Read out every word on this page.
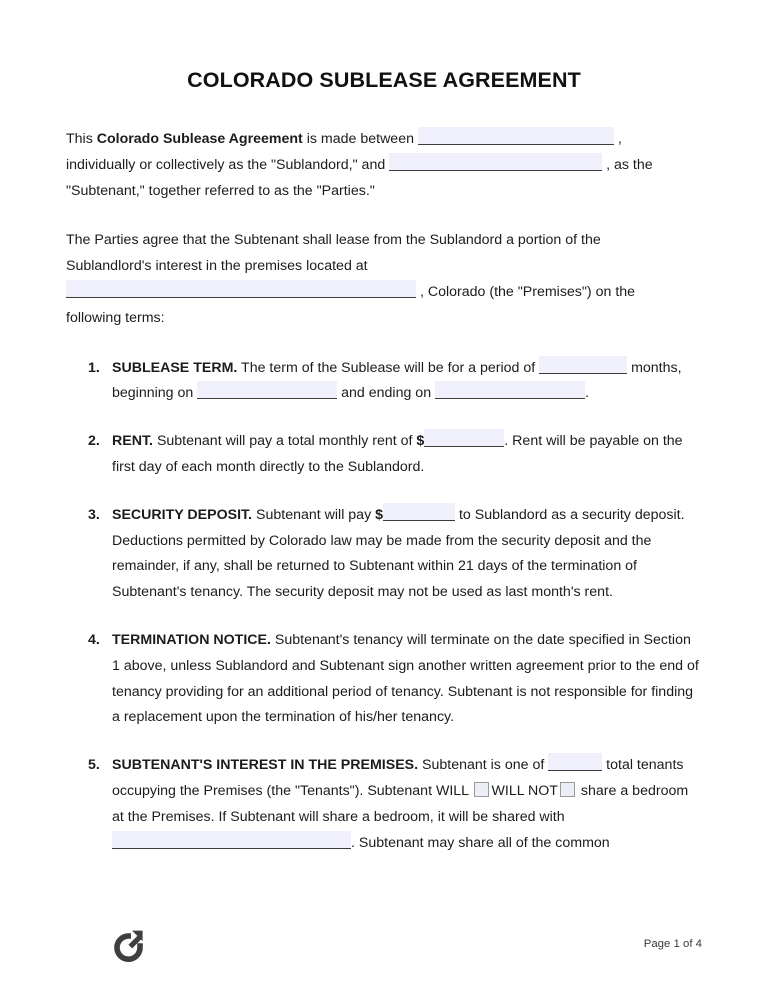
COLORADO SUBLEASE AGREEMENT

This Colorado Sublease Agreement is made between	,
individually or collectively as the "Sublandord," and	, as the
"Subtenant," together referred to as the "Parties."

The Parties agree that the Subtenant shall lease from the Sublandord a portion of the
Sublandlord's interest in the premises located at
, Colorado (the "Premises") on the
following terms:

SUBLEASE TERM. The term of the Sublease will be for a period of	months, beginning on	and ending on	.
RENT. Subtenant will pay a total monthly rent of $	. Rent will be payable on the first day of each month directly to the Sublandord.
SECURITY DEPOSIT. Subtenant will pay $	to Sublandord as a security deposit. Deductions permitted by Colorado law may be made from the security deposit and the remainder, if any, shall be returned to Subtenant within 21 days of the termination of Subtenant's tenancy. The security deposit may not be used as last month's rent.
TERMINATION NOTICE. Subtenant's tenancy will terminate on the date specified in Section 1 above, unless Sublandord and Subtenant sign another written agreement prior to the end of tenancy providing for an additional period of tenancy. Subtenant is not responsible for finding a replacement upon the termination of his/her tenancy.
SUBTENANT'S INTEREST IN THE PREMISES. Subtenant is one of	total tenants occupying the Premises (the "Tenants"). Subtenant WILL WILL NOT share a bedroom at the Premises. If Subtenant will share a bedroom, it will be shared with . Subtenant may share all of the common
Page 1 of 4
